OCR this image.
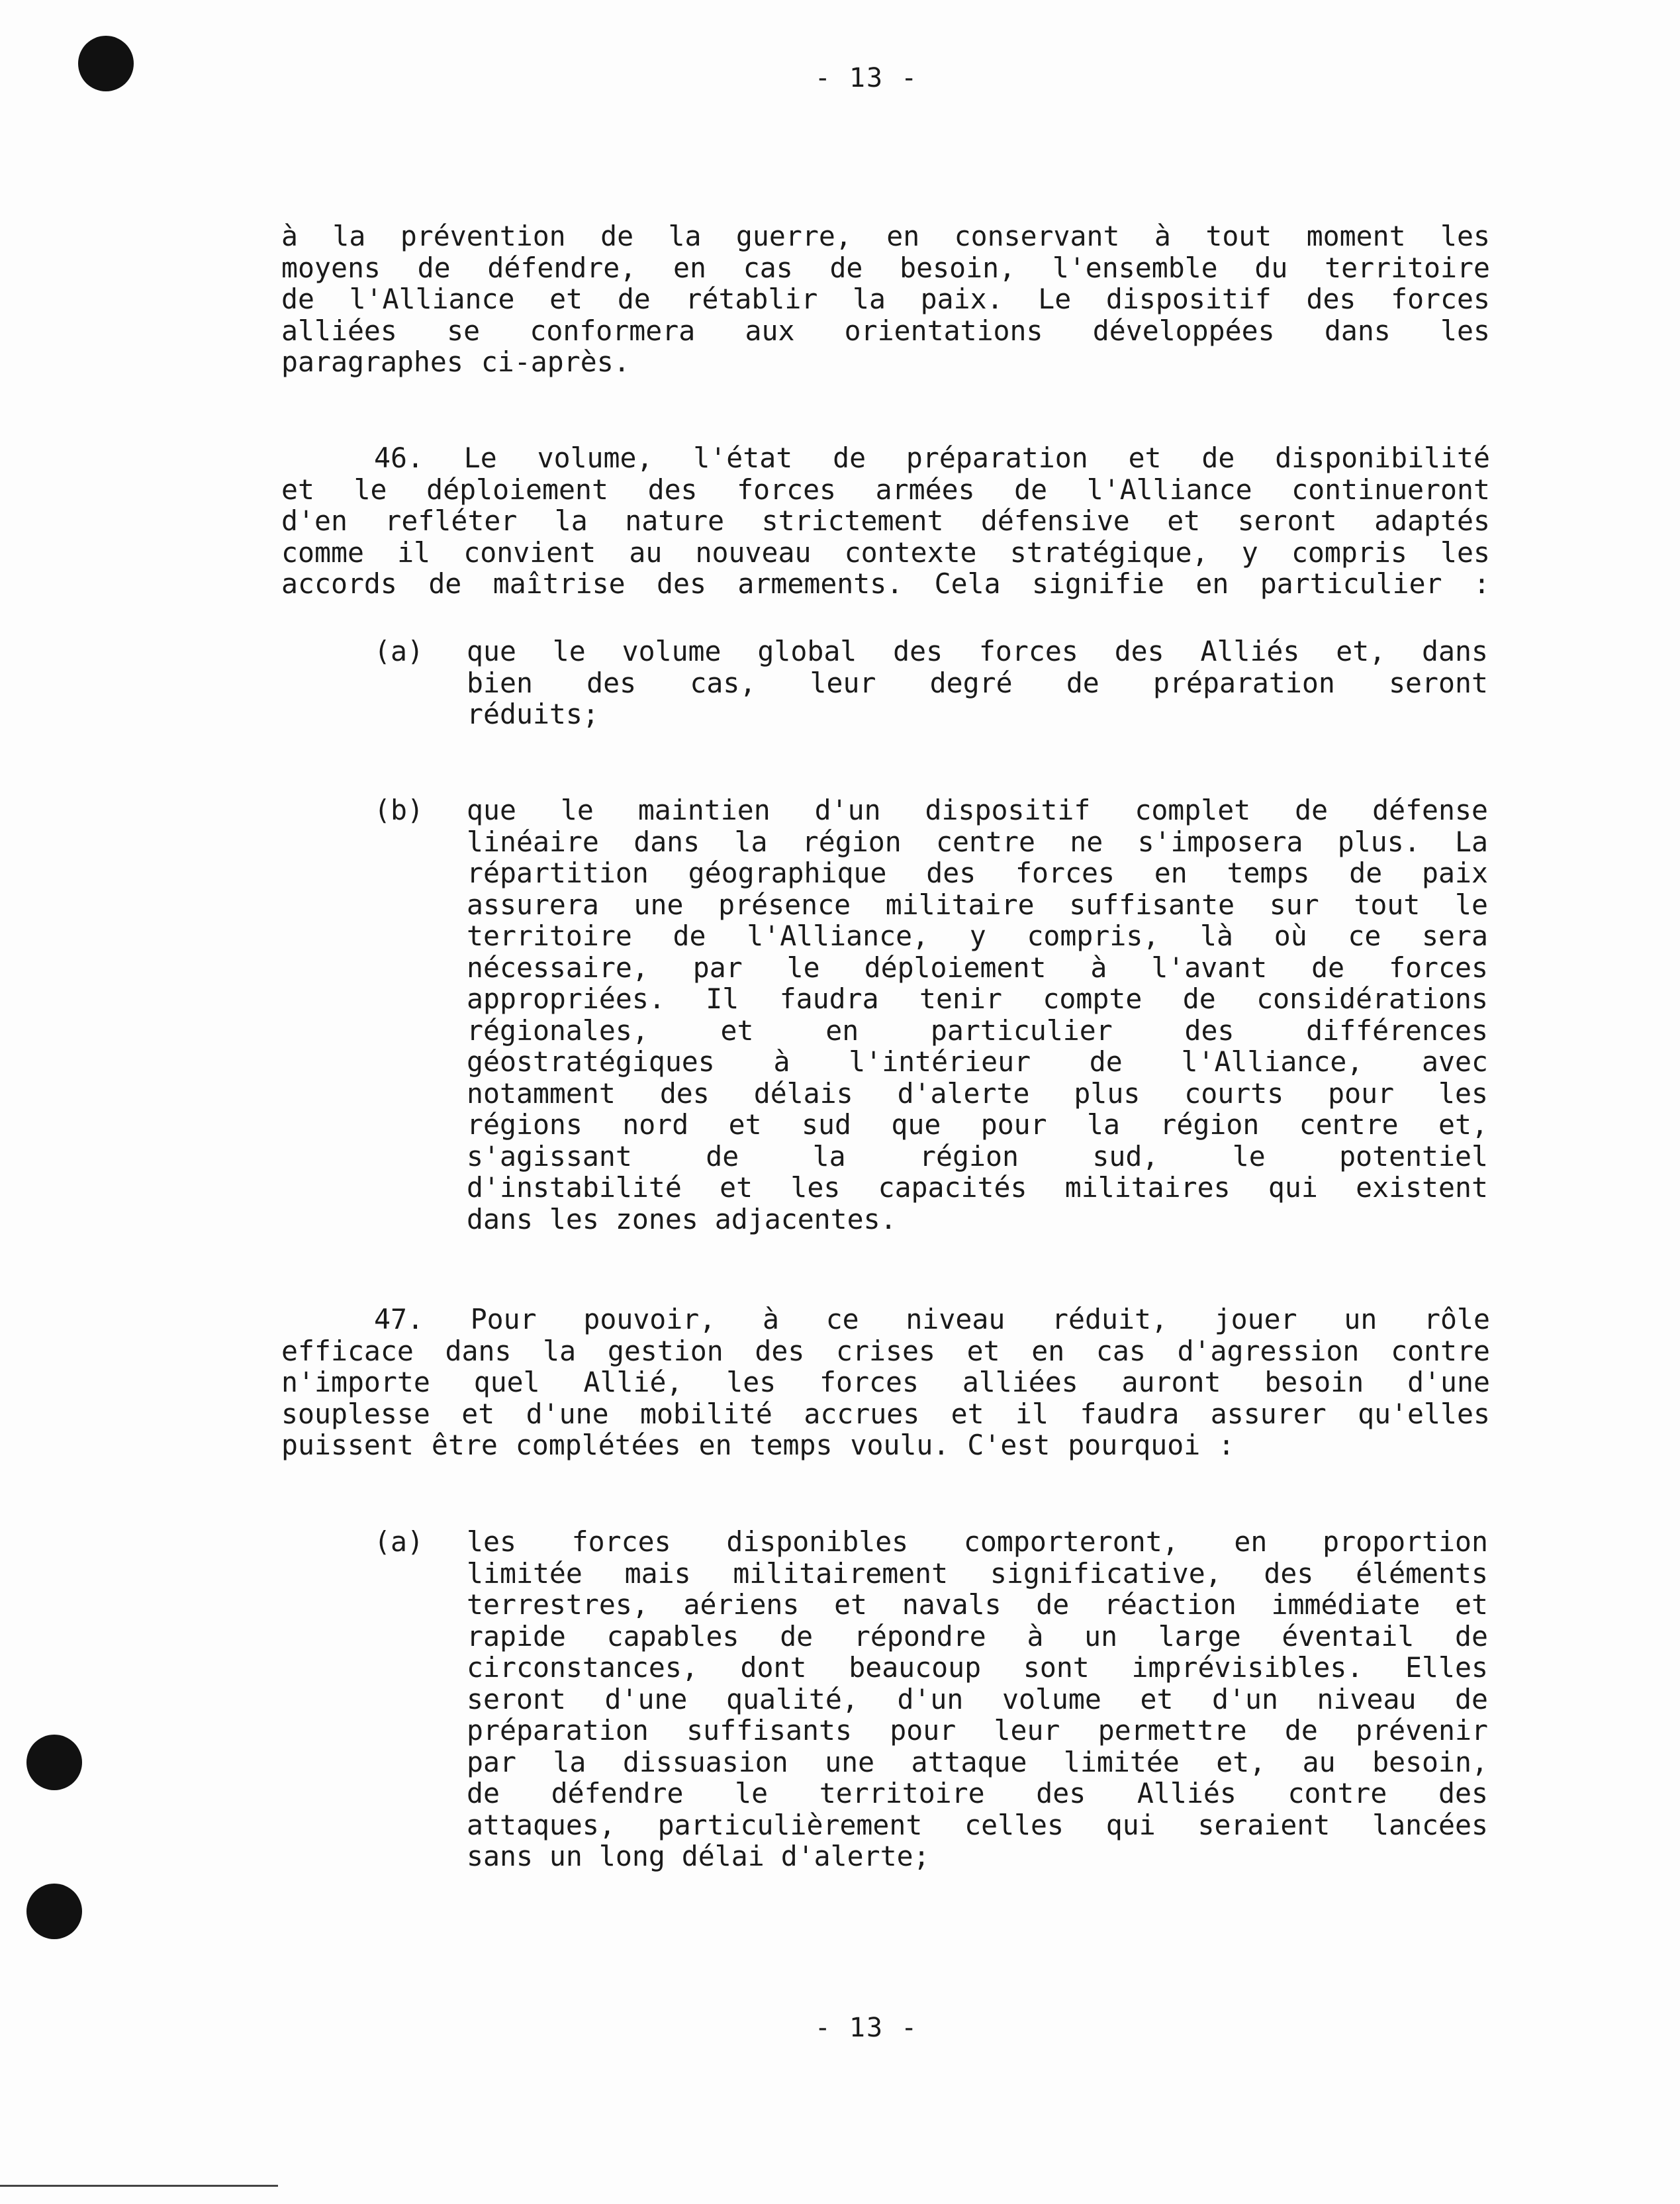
- 13 -
à la prévention de la guerre, en conservant à tout moment les
moyens de défendre, en cas de besoin, l'ensemble du territoire
de l'Alliance et de rétablir la paix. Le dispositif des forces
alliées se conformera aux orientations développées dans les
paragraphes ci-après.
46. Le volume, l'état de préparation et de disponibilité
et le déploiement des forces armées de l'Alliance continueront
d'en refléter la nature strictement défensive et seront adaptés
comme il convient au nouveau contexte stratégique, y compris les
accords de maîtrise des armements. Cela signifie en particulier :
(a) que le volume global des forces des Alliés et, dans
bien des cas, leur degré de préparation seront
réduits;
(b) que le maintien d'un dispositif complet de défense
linéaire dans la région centre ne s'imposera plus. La
répartition géographique des forces en temps de paix
assurera une présence militaire suffisante sur tout le
territoire de l'Alliance, y compris, là où ce sera
nécessaire, par le déploiement à l'avant de forces
appropriées. Il faudra tenir compte de considérations
régionales, et en particulier des différences
géostratégiques à l'intérieur de l'Alliance, avec
notamment des délais d'alerte plus courts pour les
régions nord et sud que pour la région centre et,
s'agissant de la région sud, le potentiel
d'instabilité et les capacités militaires qui existent
dans les zones adjacentes.
47. Pour pouvoir, à ce niveau réduit, jouer un rôle
efficace dans la gestion des crises et en cas d'agression contre
n'importe quel Allié, les forces alliées auront besoin d'une
souplesse et d'une mobilité accrues et il faudra assurer qu'elles
puissent être complétées en temps voulu. C'est pourquoi :
(a) les forces disponibles comporteront, en proportion
limitée mais militairement significative, des éléments
terrestres, aériens et navals de réaction immédiate et
rapide capables de répondre à un large éventail de
circonstances, dont beaucoup sont imprévisibles. Elles
seront d'une qualité, d'un volume et d'un niveau de
préparation suffisants pour leur permettre de prévenir
par la dissuasion une attaque limitée et, au besoin,
de défendre le territoire des Alliés contre des
attaques, particulièrement celles qui seraient lancées
sans un long délai d'alerte;
- 13 -
